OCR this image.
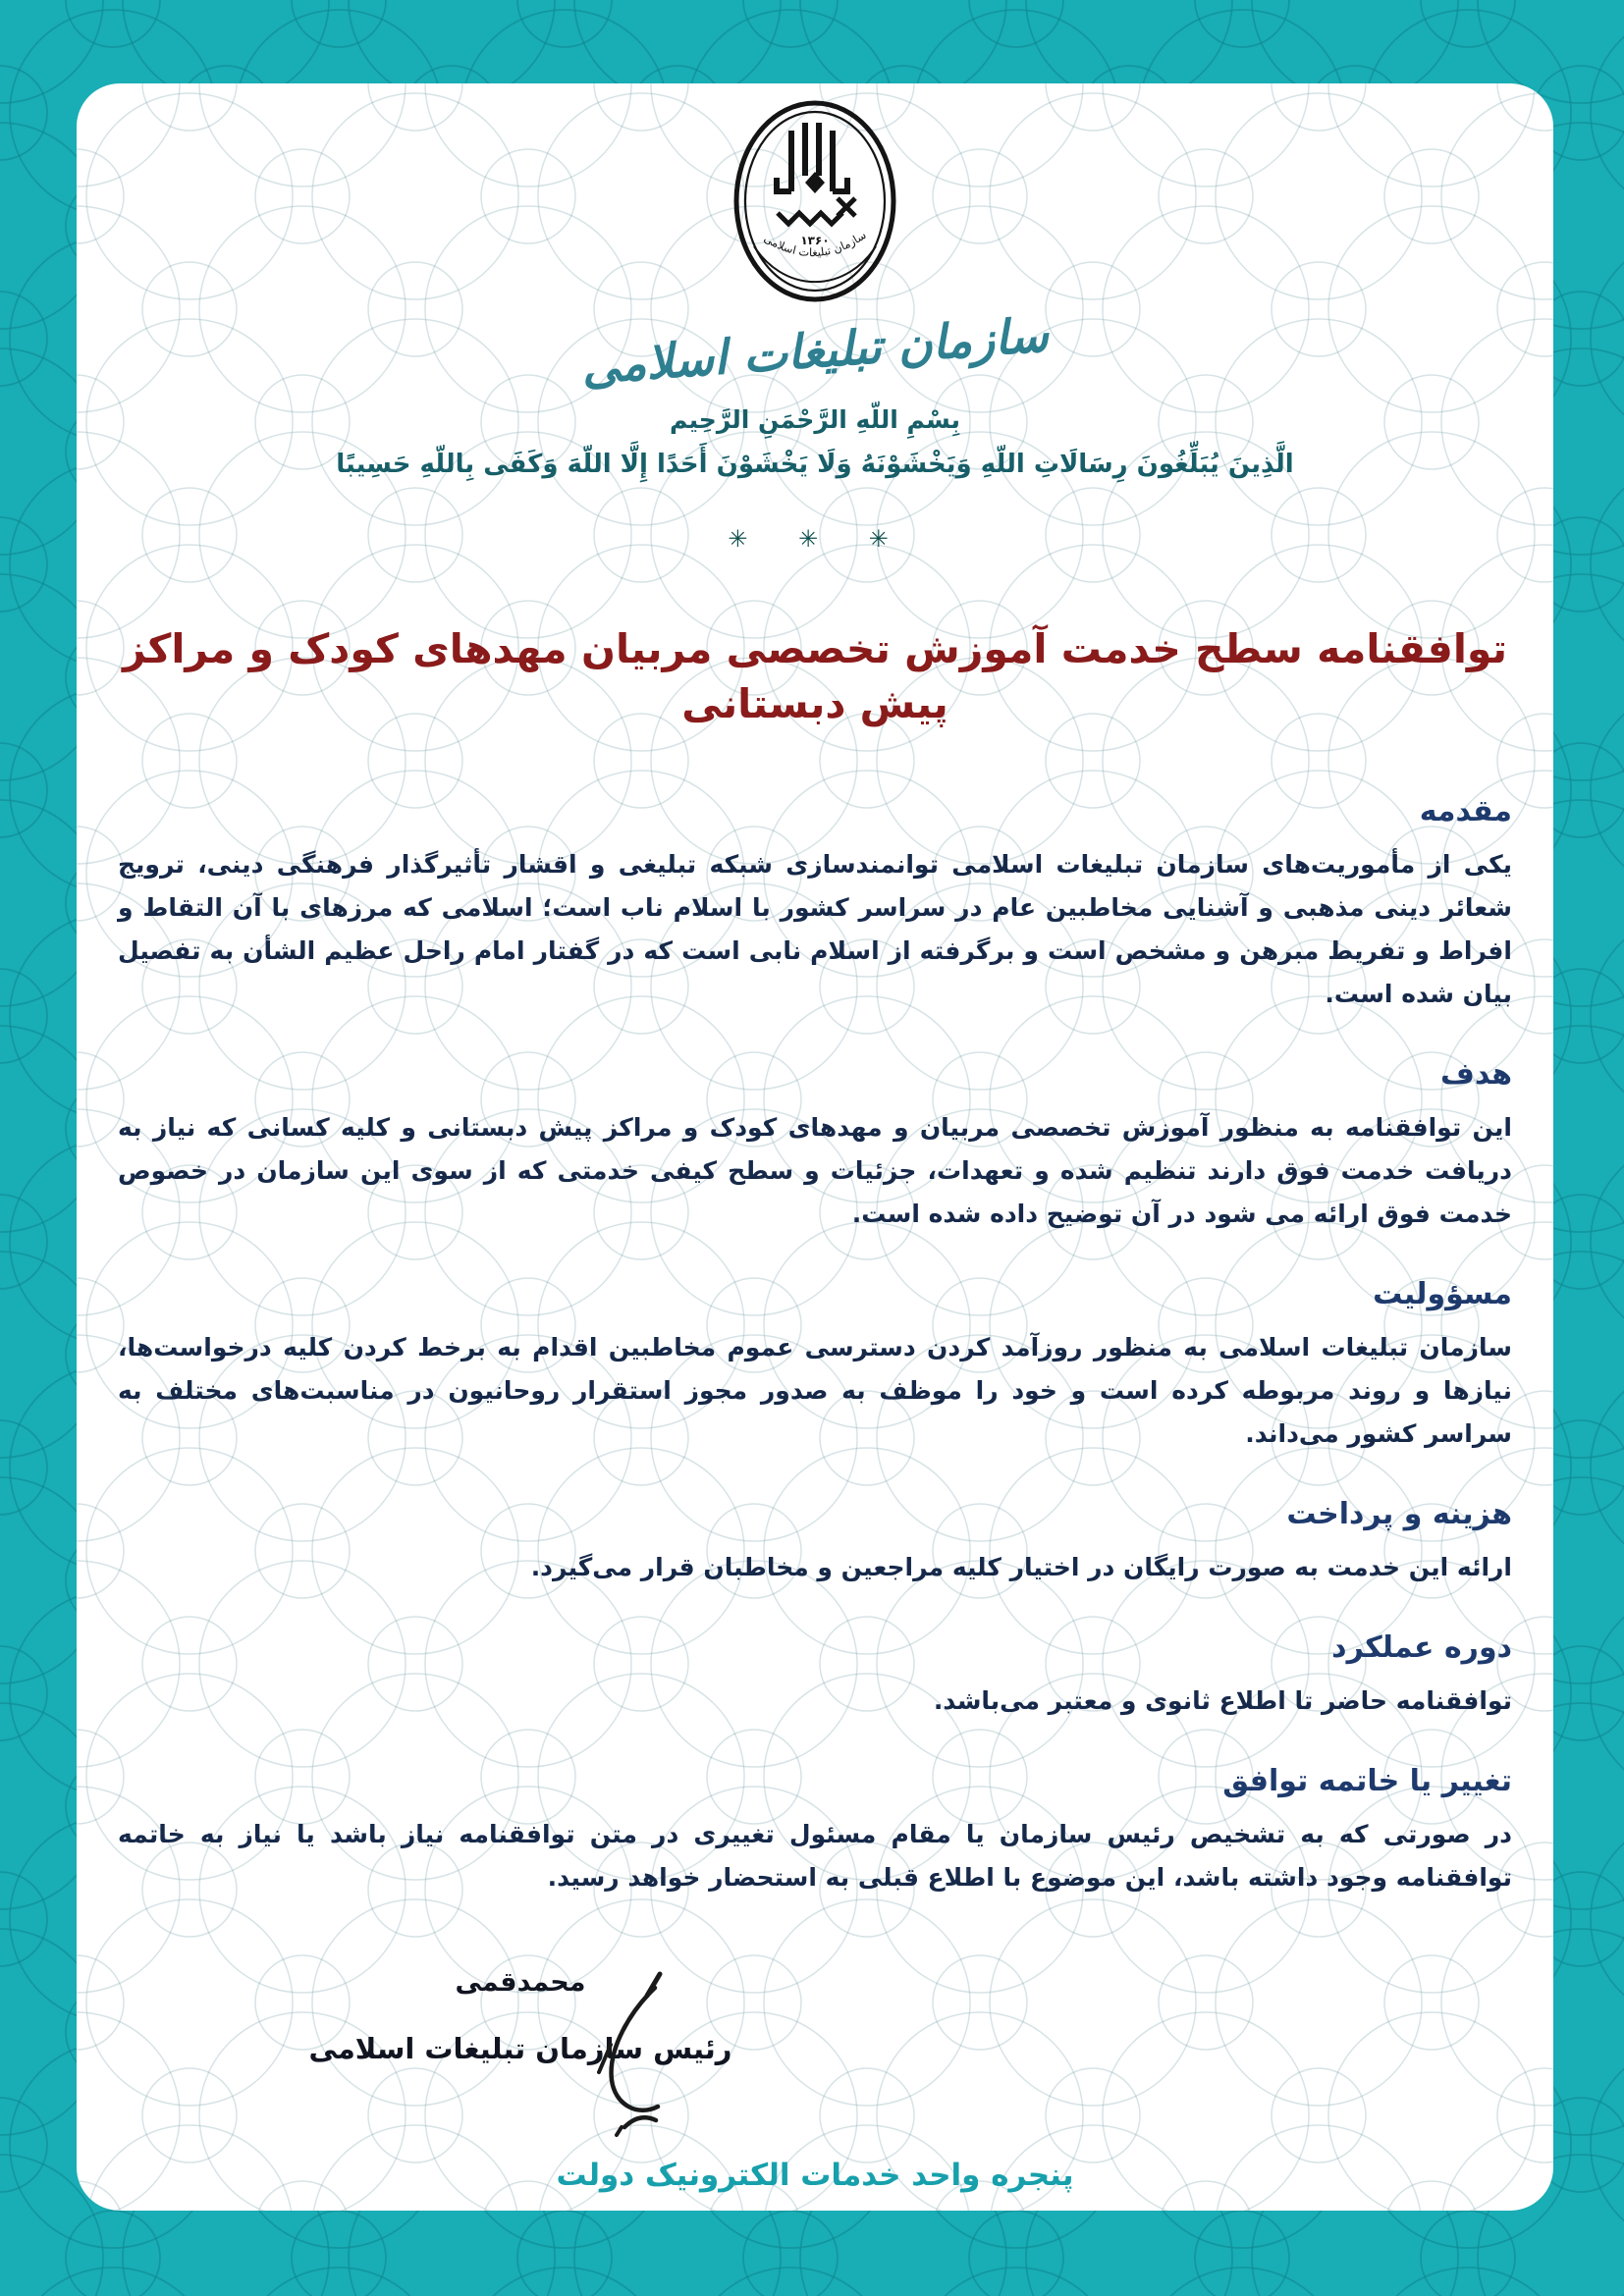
۱۳۶۰
سازمان تبلیغات اسلامی
سازمان تبلیغات اسلامی
بِسْمِ اللّهِ الرَّحْمَنِ الرَّحِيم
الَّذِينَ يُبَلِّغُونَ رِسَالَاتِ اللّهِ وَيَخْشَوْنَهُ وَلَا يَخْشَوْنَ أَحَدًا إِلَّا اللّهَ وَكَفَى بِاللّهِ حَسِيبًا
✳ ✳ ✳
توافقنامه سطح خدمت آموزش تخصصی مربیان مهدهای کودک و مراکز پیش دبستانی
مقدمه

یکی از مأموریت‌های سازمان تبلیغات اسلامی توانمندسازی شبکه تبلیغی و اقشار تأثیرگذار فرهنگی دینی، ترویج شعائر دینی مذهبی و آشنایی مخاطبین عام در سراسر کشور با اسلام ناب است؛ اسلامی که مرزهای با آن التقاط و افراط و تفریط مبرهن و مشخص است و برگرفته از اسلام نابی است که در گفتار امام راحل عظیم الشأن به تفصیل بیان شده است.

هدف

این توافقنامه به منظور آموزش تخصصی مربیان و مهدهای کودک و مراکز پیش دبستانی و کلیه کسانی که نیاز به دریافت خدمت فوق دارند تنظیم شده و تعهدات، جزئیات و سطح کیفی خدمتی که از سوی این سازمان در خصوص خدمت فوق ارائه می شود در آن توضیح داده شده است.

مسؤولیت

سازمان تبلیغات اسلامی به منظور روزآمد کردن دسترسی عموم مخاطبین اقدام به برخط کردن کلیه درخواست‌ها، نیازها و روند مربوطه کرده است و خود را موظف به صدور مجوز استقرار روحانیون در مناسبت‌های مختلف به سراسر کشور می‌داند.

هزینه و پرداخت

ارائه این خدمت به صورت رایگان در اختیار کلیه مراجعین و مخاطبان قرار می‌گیرد.

دوره عملکرد

توافقنامه حاضر تا اطلاع ثانوی و معتبر می‌باشد.

تغییر یا خاتمه توافق

در صورتی که به تشخیص رئیس سازمان یا مقام مسئول تغییری در متن توافقنامه نیاز باشد یا نیاز به خاتمه توافقنامه وجود داشته باشد، این موضوع با اطلاع قبلی به استحضار خواهد رسید.

محمدقمی
رئیس سازمان تبلیغات اسلامی
پنجره واحد خدمات الکترونیک دولت
